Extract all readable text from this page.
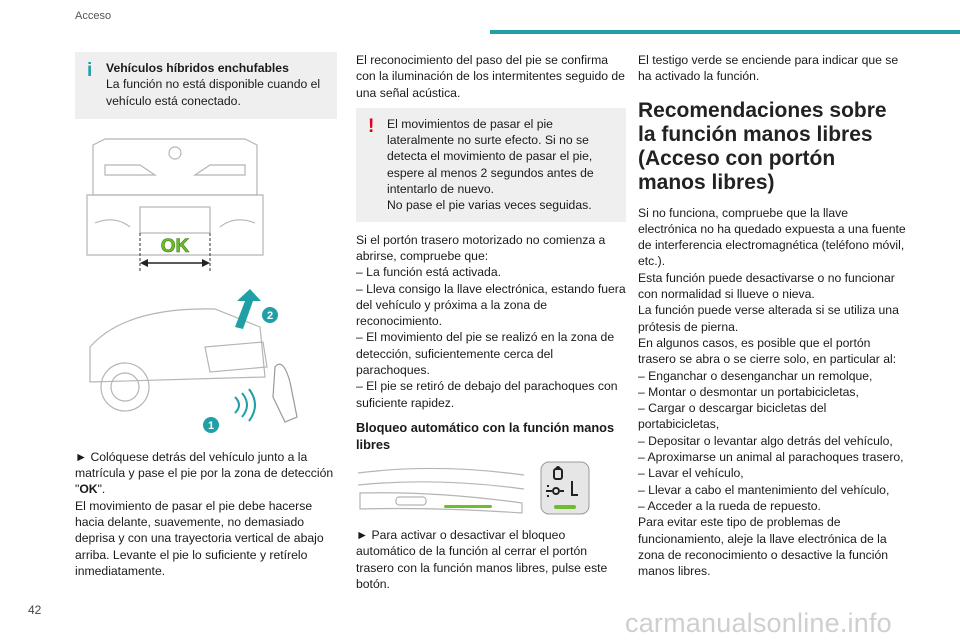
Acceso
i Vehículos híbridos enchufables

La función no está disponible cuando el vehículo está conectado.

OK
2
1

► Colóquese detrás del vehículo junto a la matrícula y pase el pie por la zona de detección "OK".

El movimiento de pasar el pie debe hacerse hacia delante, suavemente, no demasiado deprisa y con una trayectoria vertical de abajo arriba. Levante el pie lo suficiente y retírelo inmediatamente.

El reconocimiento del paso del pie se confirma con la iluminación de los intermitentes seguido de una señal acústica.

! El movimientos de pasar el pie lateralmente no surte efecto. Si no se detecta el movimiento de pasar el pie, espere al menos 2 segundos antes de intentarlo de nuevo.

No pase el pie varias veces seguidas.

Si el portón trasero motorizado no comienza a abrirse, compruebe que:

– La función está activada.

– Lleva consigo la llave electrónica, estando fuera del vehículo y próxima a la zona de reconocimiento.

– El movimiento del pie se realizó en la zona de detección, suficientemente cerca del parachoques.

– El pie se retiró de debajo del parachoques con suficiente rapidez.

Bloqueo automático con la función manos libres

► Para activar o desactivar el bloqueo automático de la función al cerrar el portón trasero con la función manos libres, pulse este botón.

El testigo verde se enciende para indicar que se ha activado la función.

Recomendaciones sobre la función manos libres (Acceso con portón manos libres)

Si no funciona, compruebe que la llave electrónica no ha quedado expuesta a una fuente de interferencia electromagnética (teléfono móvil, etc.).

Esta función puede desactivarse o no funcionar con normalidad si llueve o nieva.

La función puede verse alterada si se utiliza una prótesis de pierna.

En algunos casos, es posible que el portón trasero se abra o se cierre solo, en particular al:

– Enganchar o desenganchar un remolque,

– Montar o desmontar un portabicicletas,

– Cargar o descargar bicicletas del portabicicletas,

– Depositar o levantar algo detrás del vehículo,

– Aproximarse un animal al parachoques trasero,

– Lavar el vehículo,

– Llevar a cabo el mantenimiento del vehículo,

– Acceder a la rueda de repuesto.

Para evitar este tipo de problemas de funcionamiento, aleje la llave electrónica de la zona de reconocimiento o desactive la función manos libres.

42	carmanualsonline.info
